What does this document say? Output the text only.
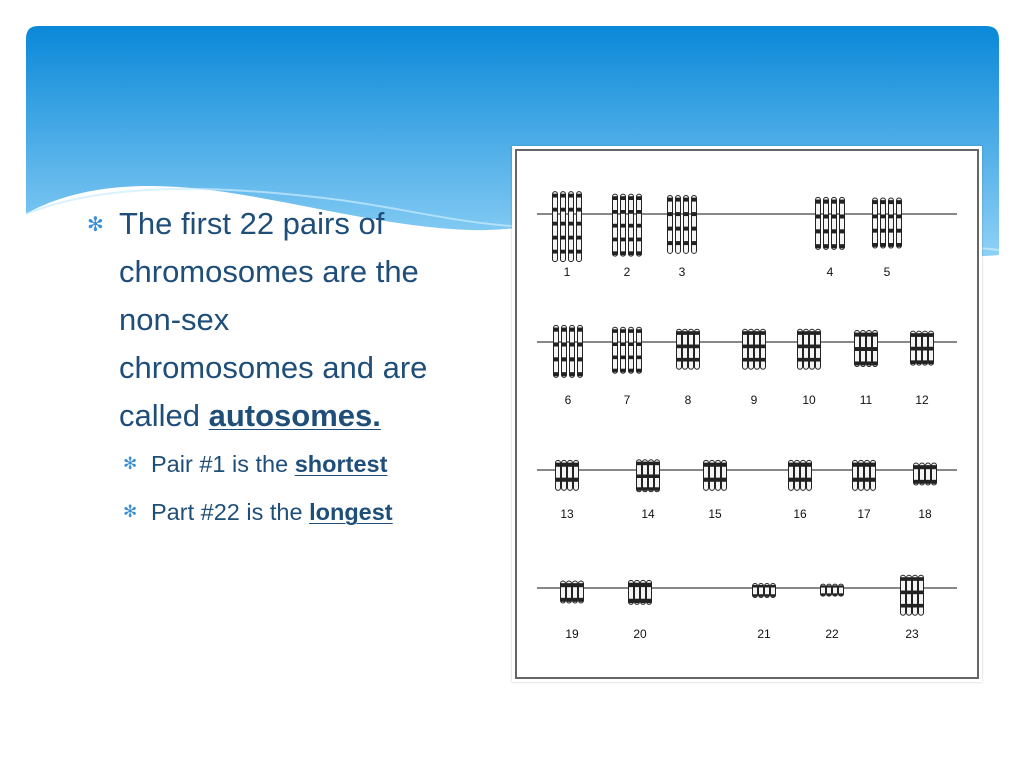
✻ The first 22 pairs of
chromosomes are the
non-sex
chromosomes and are
called autosomes.
✻ Pair #1 is the shortest
✻ Part #22 is the longest
1	2	3	4	5
6	7	8	9	10	11	12
13	14	15	16	17	18
19	20	21	22	23
